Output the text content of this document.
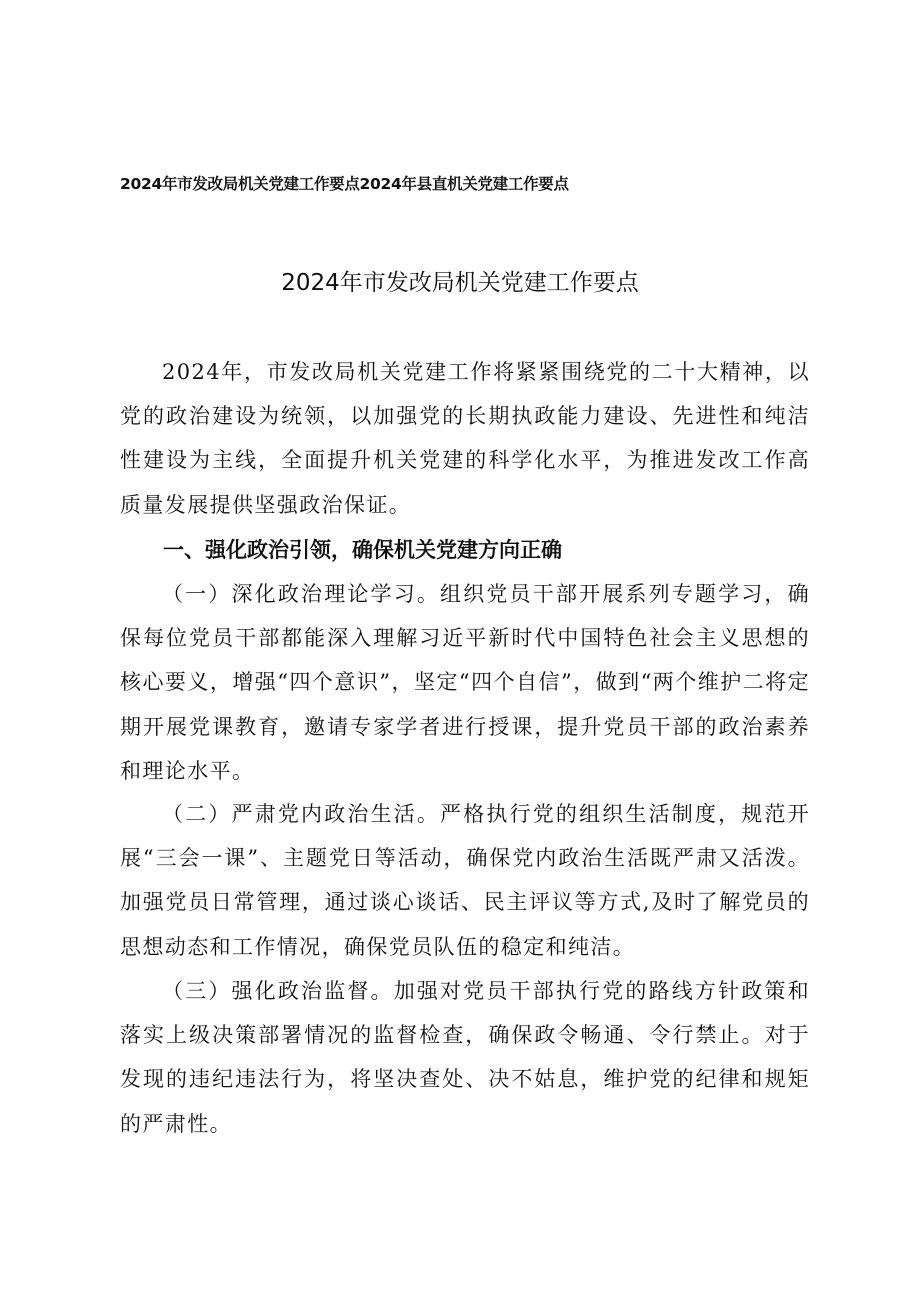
2024年市发改局机关党建工作要点2024年县直机关党建工作要点
2024年市发改局机关党建工作要点

2024年，市发改局机关党建工作将紧紧围绕党的二十大精神，以党的政治建设为统领，以加强党的长期执政能力建设、先进性和纯洁性建设为主线，全面提升机关党建的科学化水平，为推进发改工作高质量发展提供坚强政治保证。

一、强化政治引领，确保机关党建方向正确

（一）深化政治理论学习。组织党员干部开展系列专题学习，确保每位党员干部都能深入理解习近平新时代中国特色社会主义思想的核心要义，增强“四个意识”，坚定“四个自信”，做到“两个维护二将定期开展党课教育，邀请专家学者进行授课，提升党员干部的政治素养和理论水平。

（二）严肃党内政治生活。严格执行党的组织生活制度，规范开展“三会一课”、主题党日等活动，确保党内政治生活既严肃又活泼。加强党员日常管理，通过谈心谈话、民主评议等方式,及时了解党员的思想动态和工作情况，确保党员队伍的稳定和纯洁。

（三）强化政治监督。加强对党员干部执行党的路线方针政策和落实上级决策部署情况的监督检查，确保政令畅通、令行禁止。对于发现的违纪违法行为，将坚决查处、决不姑息，维护党的纪律和规矩的严肃性。
